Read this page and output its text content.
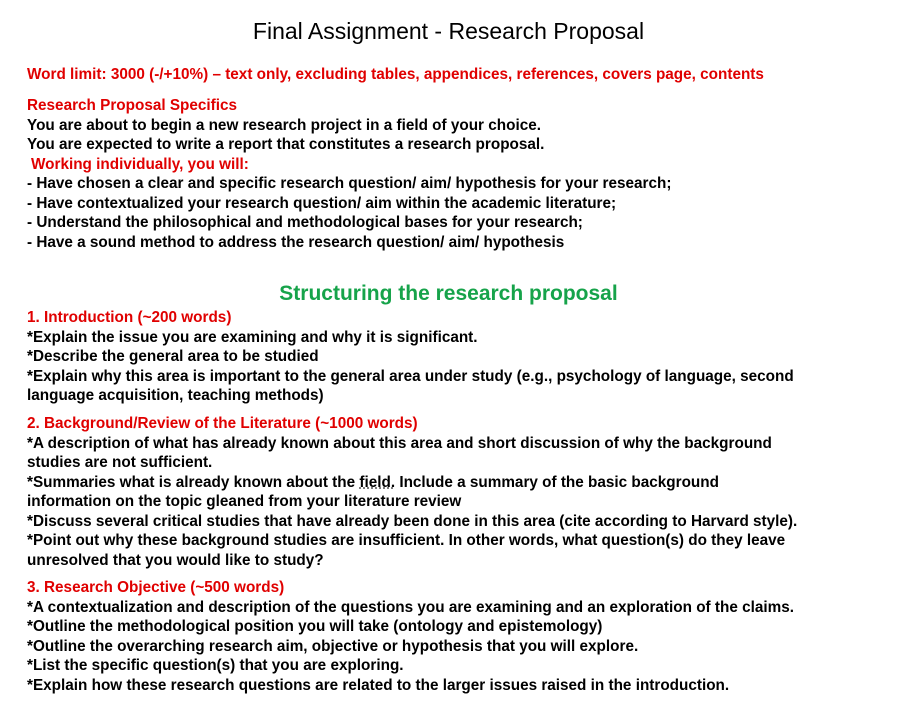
Final Assignment - Research Proposal
Word limit: 3000 (-/+10%) – text only, excluding tables, appendices, references, covers page, contents
Research Proposal Specifics
You are about to begin a new research project in a field of your choice.
You are expected to write a report that constitutes a research proposal.
Working individually, you will:
- Have chosen a clear and specific research question/ aim/ hypothesis for your research;
- Have contextualized your research question/ aim within the academic literature;
- Understand the philosophical and methodological bases for your research;
- Have a sound method to address the research question/ aim/ hypothesis
Structuring the research proposal
1. Introduction (~200 words)
*Explain the issue you are examining and why it is significant.
*Describe the general area to be studied
*Explain why this area is important to the general area under study (e.g., psychology of language, second
language acquisition, teaching methods)
2. Background/Review of the Literature (~1000 words)
*A description of what has already known about this area and short discussion of why the background
studies are not sufficient.
*Summaries what is already known about the field. Include a summary of the basic background
information on the topic gleaned from your literature review
*Discuss several critical studies that have already been done in this area (cite according to Harvard style).
*Point out why these background studies are insufficient. In other words, what question(s) do they leave
unresolved that you would like to study?
3. Research Objective (~500 words)
*A contextualization and description of the questions you are examining and an exploration of the claims.
*Outline the methodological position you will take (ontology and epistemology)
*Outline the overarching research aim, objective or hypothesis that you will explore.
*List the specific question(s) that you are exploring.
*Explain how these research questions are related to the larger issues raised in the introduction.
